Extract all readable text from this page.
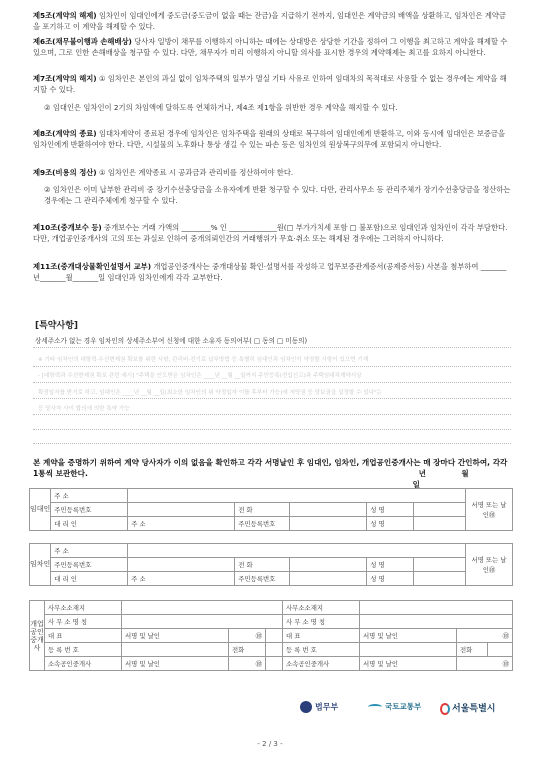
제5조(계약의 해제) 임차인이 임대인에게 중도금(중도금이 없을 때는 잔금)을 지급하기 전까지, 임대인은 계약금의 배액을 상환하고, 임차인은 계약금을 포기하고 이 계약을 해제할 수 있다.
제6조(채무불이행과 손해배상) 당사자 일방이 채무를 이행하지 아니하는 때에는 상대방은 상당한 기간을 정하여 그 이행을 최고하고 계약을 해제할 수 있으며, 그로 인한 손해배상을 청구할 수 있다. 다만, 채무자가 미리 이행하지 아니할 의사를 표시한 경우의 계약해제는 최고를 요하지 아니한다.
제7조(계약의 해지) ① 임차인은 본인의 과실 없이 임차주택의 일부가 멸실 기타 사유로 인하여 임대차의 목적대로 사용할 수 없는 경우에는 계약을 해지할 수 있다.
② 임대인은 임차인이 2기의 차임액에 달하도록 연체하거나, 제4조 제1항을 위반한 경우 계약을 해지할 수 있다.
제8조(계약의 종료) 임대차계약이 종료된 경우에 임차인은 임차주택을 원래의 상태로 복구하여 임대인에게 반환하고, 이와 동시에 임대인은 보증금을 임차인에게 반환하여야 한다. 다만, 시설물의 노후화나 통상 생길 수 있는 파손 등은 임차인의 원상복구의무에 포함되지 아니한다.
제9조(비용의 정산) ① 임차인은 계약종료 시 공과금과 관리비를 정산하여야 한다.
② 임차인은 이미 납부한 관리비 중 장기수선충당금을 소유자에게 반환 청구할 수 있다. 다만, 관리사무소 등 관리주체가 장기수선충당금을 정산하는 경우에는 그 관리주체에게 청구할 수 있다.
제10조(중개보수 등) 중개보수는 거래 가액의 ________% 인 _____________원(□ 부가가치세 포함 □ 불포함)으로 임대인과 임차인이 각각 부담한다. 다만, 개업공인중개사의 고의 또는 과실로 인하여 중개의뢰인간의 거래행위가 무효·취소 또는 해제된 경우에는 그러하지 아니하다.
제11조(중개대상물확인설명서 교부) 개업공인중개사는 중개대상물 확인·설명서를 작성하고 업무보증관계증서(공제증서등) 사본을 첨부하여 _______년_______월_______일 임대인과 임차인에게 각각 교부한다.
[특약사항]
상세주소가 없는 경우 임차인의 상세주소부여 신청에 대한 소유자 동의여부( □ 동의 □ 미동의)
※ 기타 임차인의 대항력·우선변제권 확보를 위한 사항, 관리비·전기료 납부방법 등 특별히 임대인과 임차인이 약정할 사항이 있으면 기재
- [대항력과 우선변제권 확보 관련 예시] "주택을 인도받은 임차인은 ____년 __월 __일까지 주민등록(전입신고)과 주택임대차계약서상
확정일자를 받기로 하고, 임대인은 ____년 __월 __일(최소한 임차인의 위 약정일자 이틀 후부터 가능)에 저당권 등 담보권을 설정할 수 있다"는
등 당사자 사이 합의에 의한 특약 가능
본 계약을 증명하기 위하여 계약 당사자가 이의 없음을 확인하고 각각 서명날인 후 임대인, 임차인, 개업공인중개사는 매 장마다 간인하여, 각각 1통씩 보관한다.	년	월 일
임대인	주 소						서명 또는 날인㊞
	주민등록번호		전 화		성 명		
	대 리 인	주 소	주민등록번호		성 명		
임차인	주 소						서명 또는 날인㊞
	주민등록번호		전 화		성 명		
	대 리 인	주 소	주민등록번호		성 명		
개업공인중개사	사무소소재지				사무소소재지			
	사 무 소 명 칭				사 무 소 명 칭			
	대 표	서명 및 날인	㊞		대 표	서명 및 날인	㊞	
	등 록 번 호		전화		등 록 번 호		전화	
	소속공인중개사	서명 및 날인	㊞		소속공인중개사	서명 및 날인	㊞	
법무부	국토교통부	서울특별시
- 2 / 3 -
